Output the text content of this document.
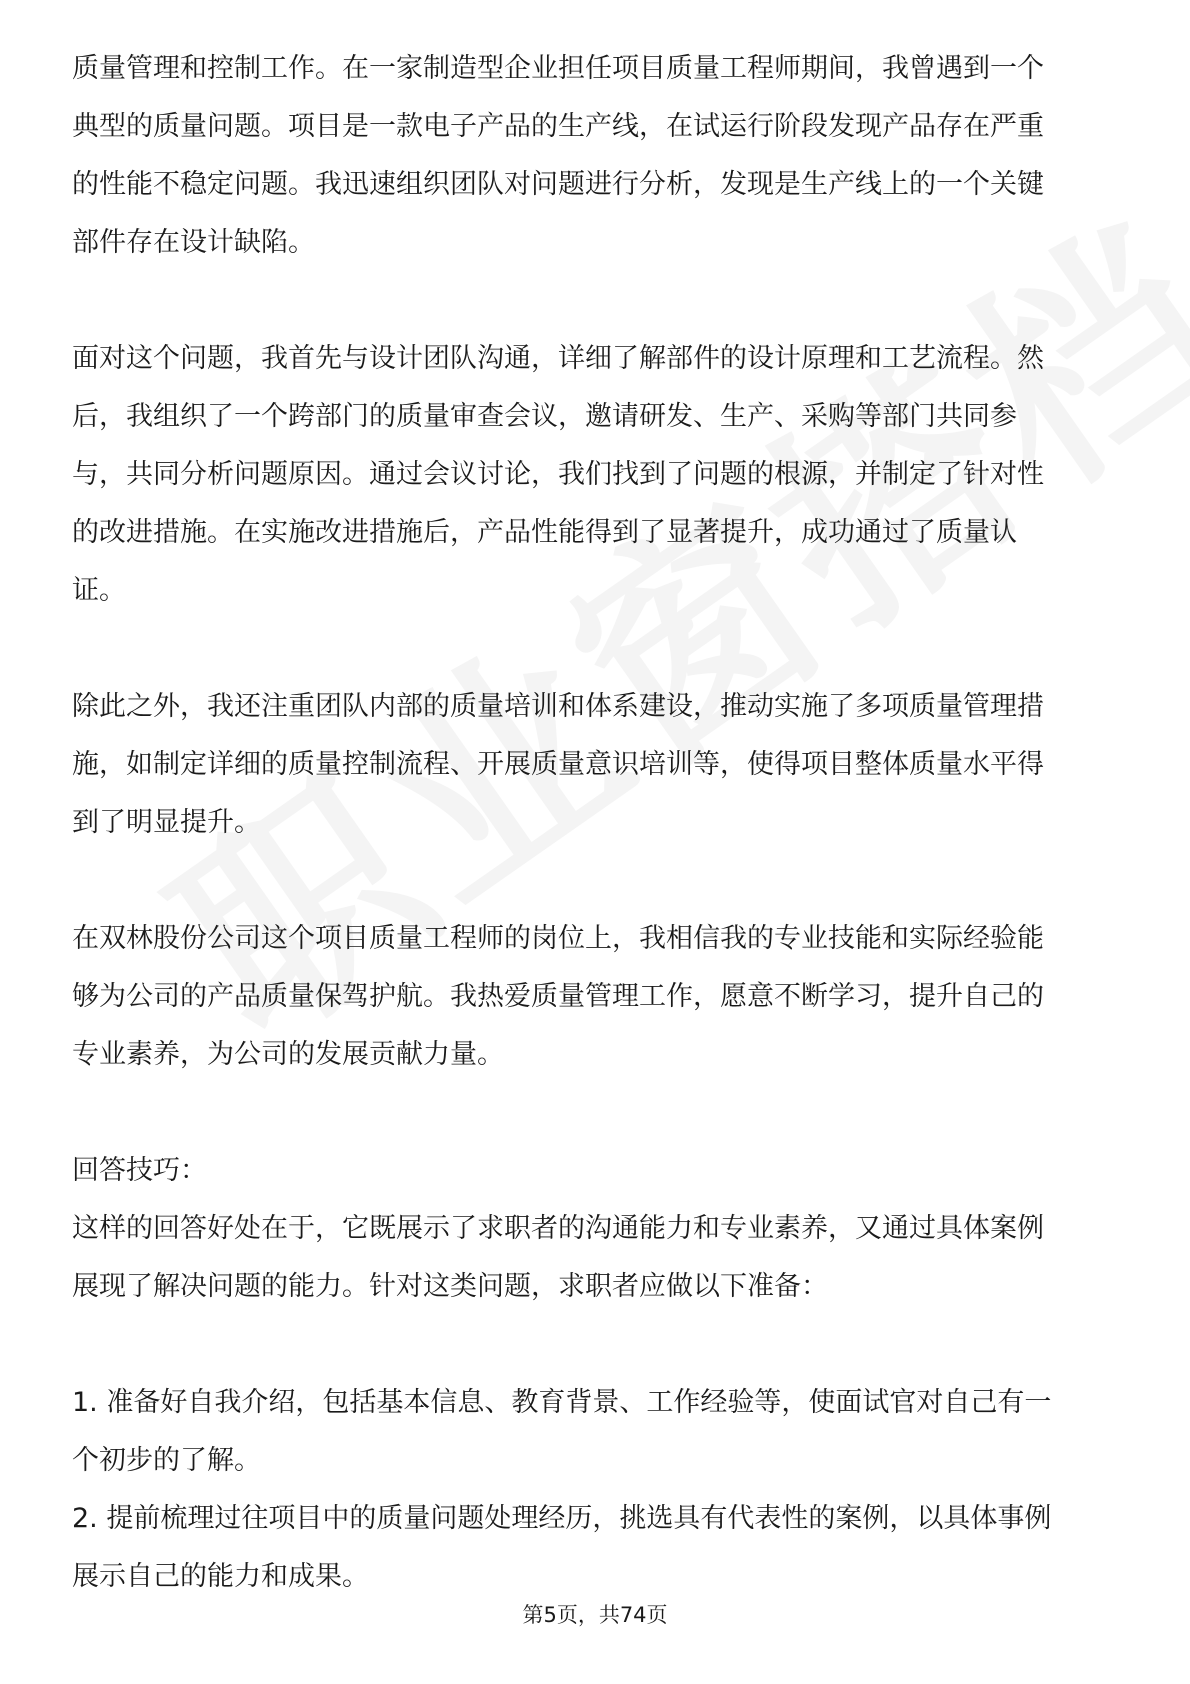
质量管理和控制工作。在一家制造型企业担任项目质量工程师期间，我曾遇到一个
典型的质量问题。项目是一款电子产品的生产线，在试运行阶段发现产品存在严重
的性能不稳定问题。我迅速组织团队对问题进行分析，发现是生产线上的一个关键
部件存在设计缺陷。
面对这个问题，我首先与设计团队沟通，详细了解部件的设计原理和工艺流程。然
后，我组织了一个跨部门的质量审查会议，邀请研发、生产、采购等部门共同参
与，共同分析问题原因。通过会议讨论，我们找到了问题的根源，并制定了针对性
的改进措施。在实施改进措施后，产品性能得到了显著提升，成功通过了质量认
证。
除此之外，我还注重团队内部的质量培训和体系建设，推动实施了多项质量管理措
施，如制定详细的质量控制流程、开展质量意识培训等，使得项目整体质量水平得
到了明显提升。
在双林股份公司这个项目质量工程师的岗位上，我相信我的专业技能和实际经验能
够为公司的产品质量保驾护航。我热爱质量管理工作，愿意不断学习，提升自己的
专业素养，为公司的发展贡献力量。
回答技巧：
这样的回答好处在于，它既展示了求职者的沟通能力和专业素养，又通过具体案例
展现了解决问题的能力。针对这类问题，求职者应做以下准备：
1. 准备好自我介绍，包括基本信息、教育背景、工作经验等，使面试官对自己有一
个初步的了解。
2. 提前梳理过往项目中的质量问题处理经历，挑选具有代表性的案例，以具体事例
展示自己的能力和成果。
第5页，共74页
